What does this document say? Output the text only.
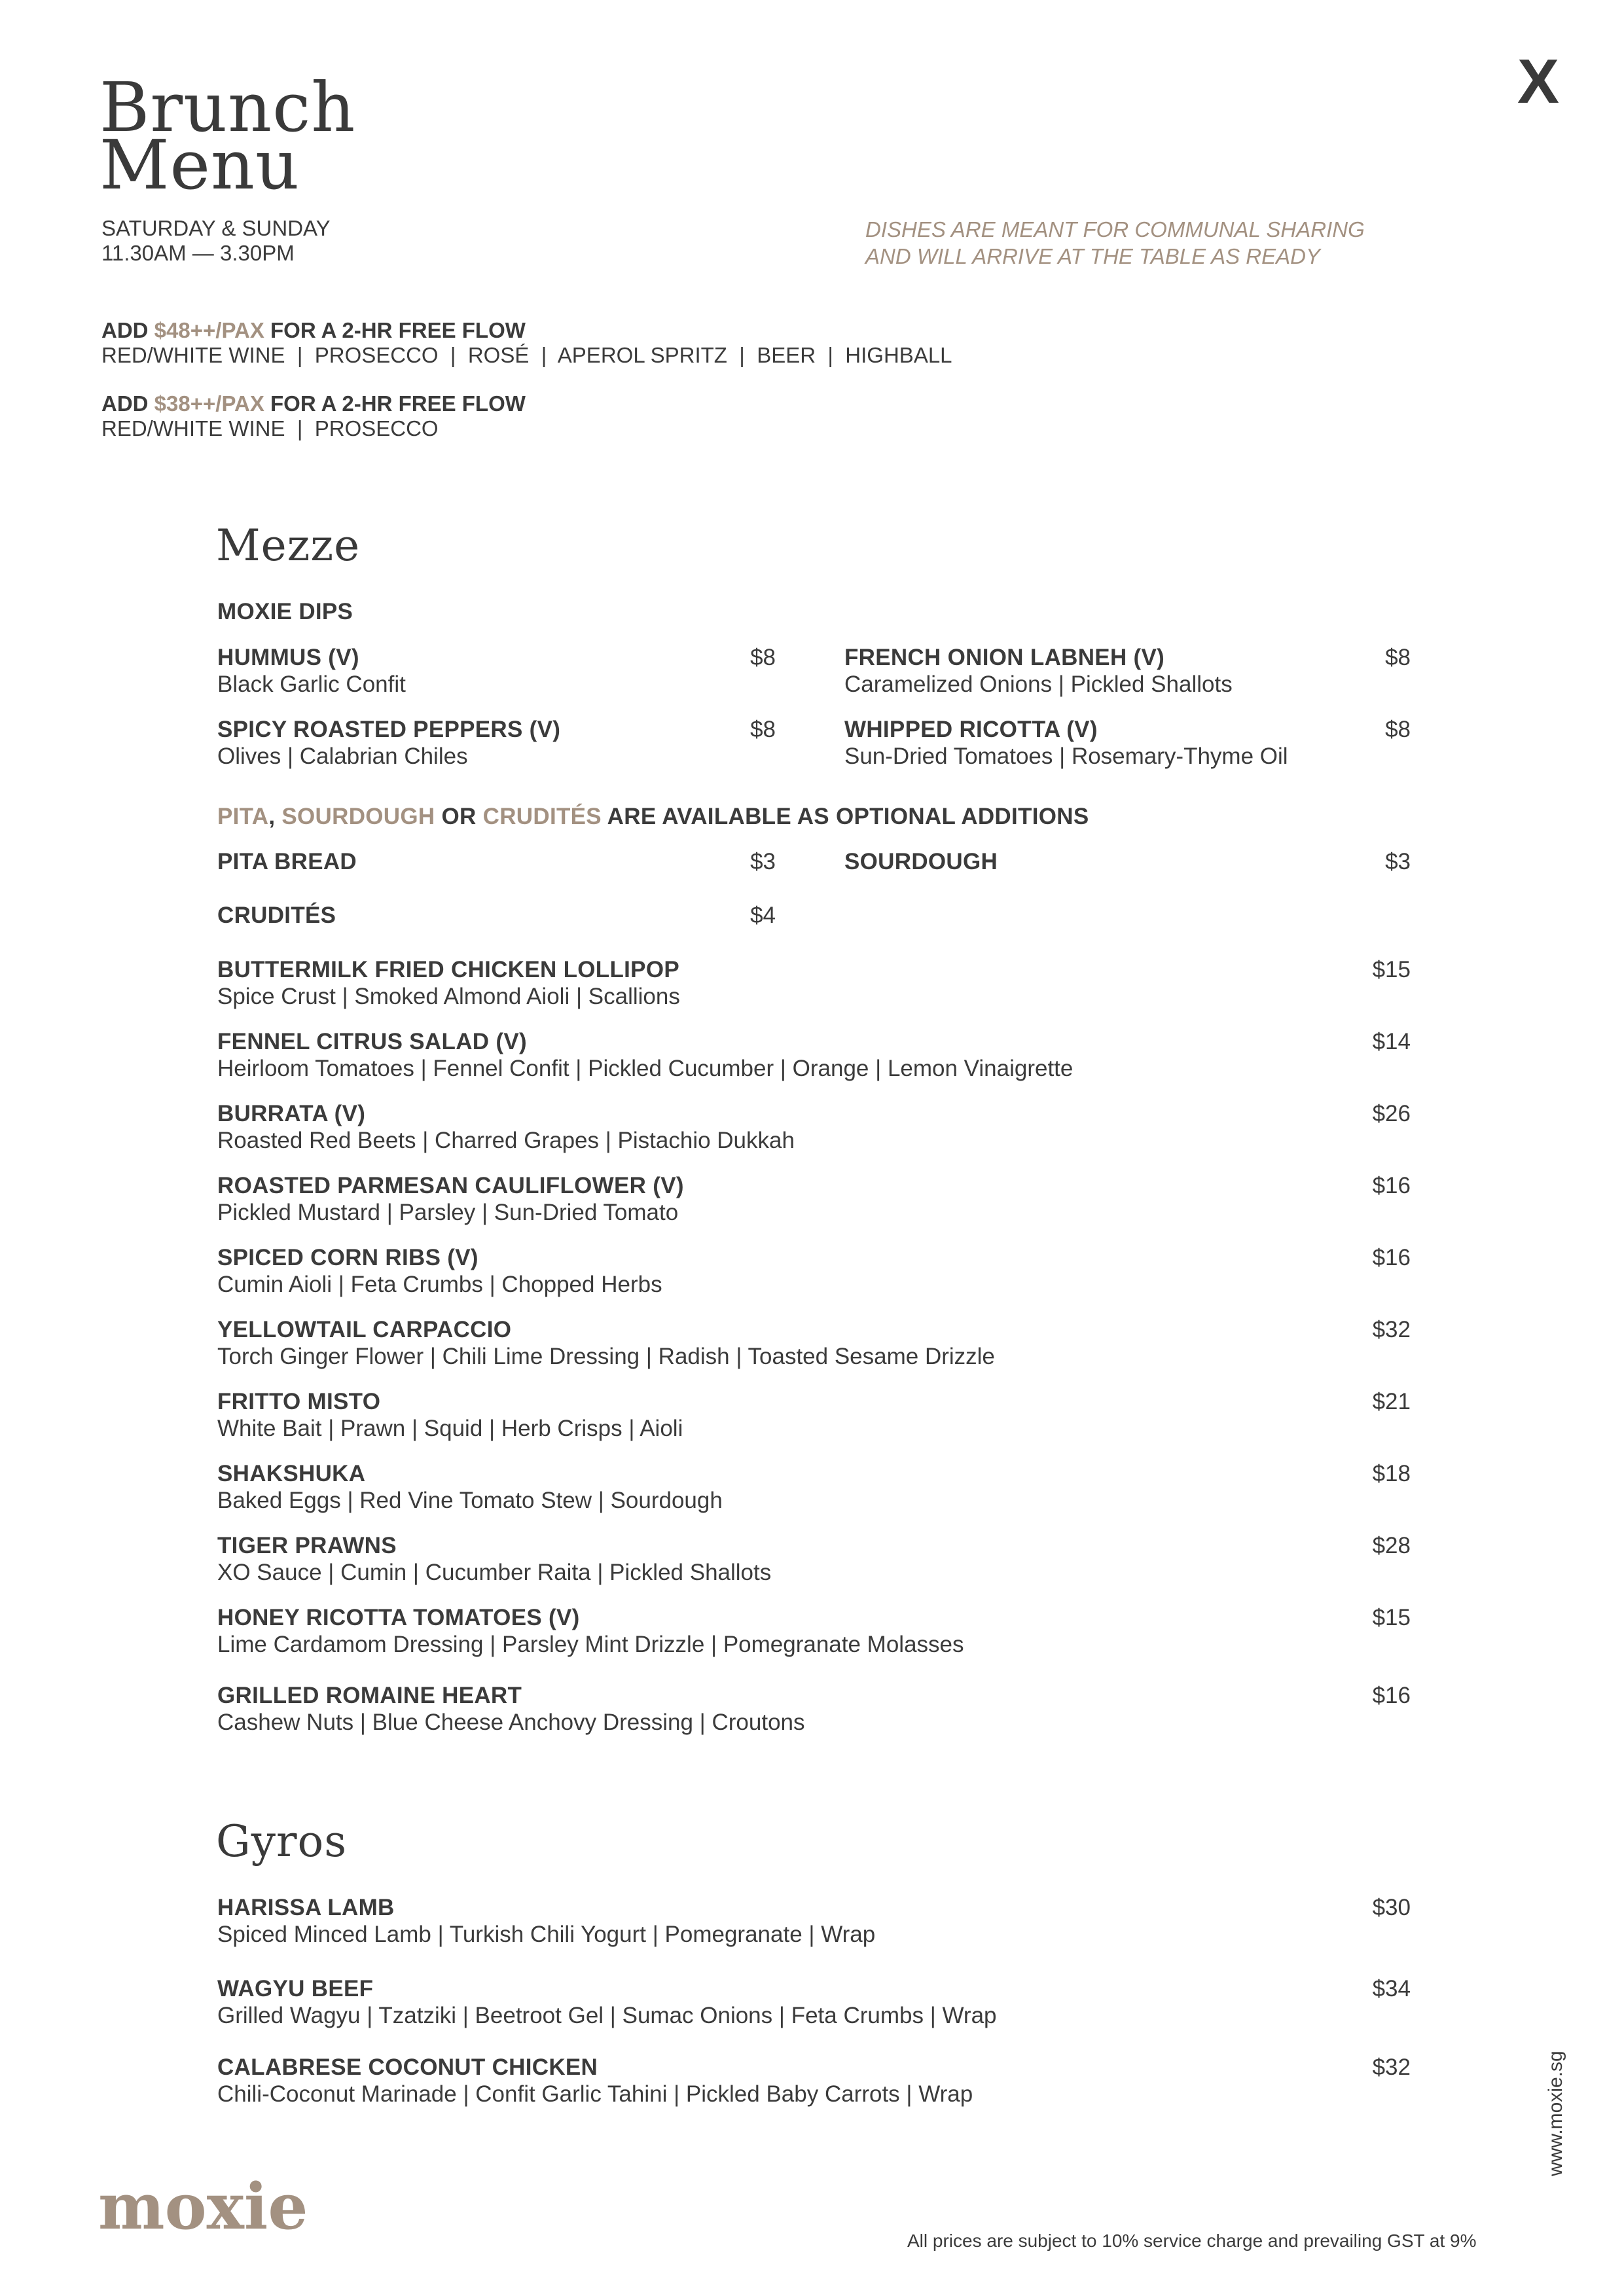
Brunch
Menu
X
SATURDAY & SUNDAY
11.30AM — 3.30PM
DISHES ARE MEANT FOR COMMUNAL SHARING
AND WILL ARRIVE AT THE TABLE AS READY
ADD $48++/PAX FOR A 2-HR FREE FLOW
RED/WHITE WINE  |  PROSECCO  |  ROSÉ  |  APEROL SPRITZ  |  BEER  |  HIGHBALL
ADD $38++/PAX FOR A 2-HR FREE FLOW
RED/WHITE WINE  |  PROSECCO
Mezze
MOXIE DIPS
HUMMUS (V)	$8
Black Garlic Confit
FRENCH ONION LABNEH (V)	$8
Caramelized Onions | Pickled Shallots
SPICY ROASTED PEPPERS (V)	$8
Olives | Calabrian Chiles
WHIPPED RICOTTA (V)	$8
Sun-Dried Tomatoes | Rosemary-Thyme Oil
PITA, SOURDOUGH OR CRUDITÉS ARE AVAILABLE AS OPTIONAL ADDITIONS
PITA BREAD	$3	SOURDOUGH	$3
CRUDITÉS	$4
BUTTERMILK FRIED CHICKEN LOLLIPOP	$15
Spice Crust | Smoked Almond Aioli | Scallions
FENNEL CITRUS SALAD (V)	$14
Heirloom Tomatoes | Fennel Confit | Pickled Cucumber | Orange | Lemon Vinaigrette
BURRATA (V)	$26
Roasted Red Beets | Charred Grapes | Pistachio Dukkah
ROASTED PARMESAN CAULIFLOWER (V)	$16
Pickled Mustard | Parsley | Sun-Dried Tomato
SPICED CORN RIBS (V)	$16
Cumin Aioli | Feta Crumbs | Chopped Herbs
YELLOWTAIL CARPACCIO	$32
Torch Ginger Flower | Chili Lime Dressing | Radish | Toasted Sesame Drizzle
FRITTO MISTO	$21
White Bait | Prawn | Squid | Herb Crisps | Aioli
SHAKSHUKA	$18
Baked Eggs | Red Vine Tomato Stew | Sourdough
TIGER PRAWNS	$28
XO Sauce | Cumin | Cucumber Raita | Pickled Shallots
HONEY RICOTTA TOMATOES (V)	$15
Lime Cardamom Dressing | Parsley Mint Drizzle | Pomegranate Molasses
GRILLED ROMAINE HEART	$16
Cashew Nuts | Blue Cheese Anchovy Dressing | Croutons
Gyros
HARISSA LAMB	$30
Spiced Minced Lamb | Turkish Chili Yogurt | Pomegranate | Wrap
WAGYU BEEF	$34
Grilled Wagyu | Tzatziki | Beetroot Gel | Sumac Onions | Feta Crumbs | Wrap
CALABRESE COCONUT CHICKEN	$32
Chili-Coconut Marinade | Confit Garlic Tahini | Pickled Baby Carrots | Wrap
moxie
www.moxie.sg
All prices are subject to 10% service charge and prevailing GST at 9%
